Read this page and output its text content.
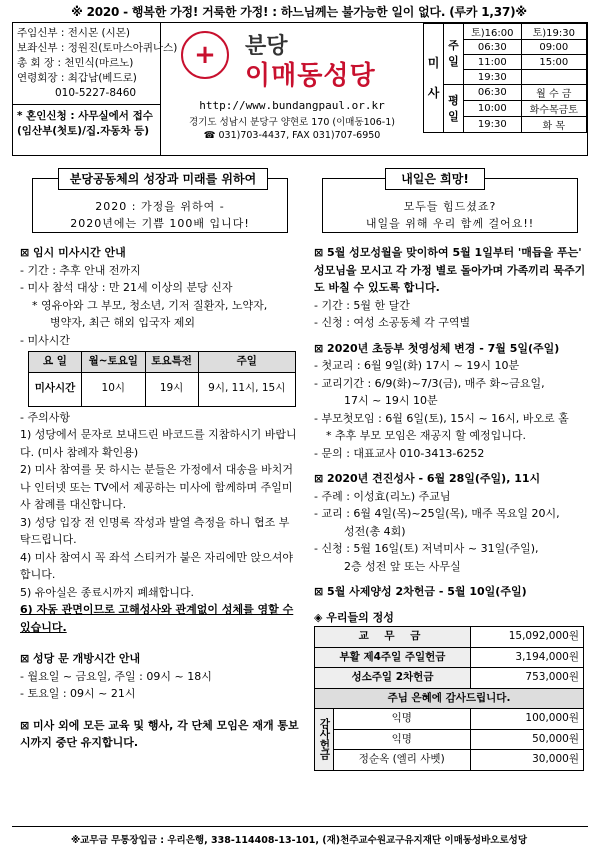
※ 2020 - 행복한 가정! 거룩한 가정! : 하느님께는 불가능한 일이 없다. (루카 1,37)※
주임신부 : 전시몬 (시몬)
보좌신부 : 정원진(토마스아퀴나스)
총 회 장 : 천민식(마르노)
연령회장 : 최갑남(베드로)
010-5227-8460
* 혼인신청 : 사무실에서 접수 (임산부(첫토)/집.자동차 등)
+	분당
이매동성당
http://www.bundangpaul.or.kr
경기도 성남시 분당구 양현로 170 (이매동106-1)
☎ 031)703-4437, FAX 031)707-6950
미
사	주
일	토)16:00	토)19:30
		06:30	09:00
		11:00	15:00
		19:30	
	평
일	06:30	월 수 금
		10:00	화수목금토
		19:30	화 목
2020 : 가정을 위하여 -
2020년에는 기쁨 100배 입니다!
분당공동체의 성장과 미래를 위하여
모두들 힘드셨죠?
내일을 위해 우리 함께 걸어요!!
내일은 희망!
⊠ 임시 미사시간 안내
- 기간 : 추후 안내 전까지
- 미사 참석 대상 : 만 21세 이상의 분당 신자
* 영유아와 그 부모, 청소년, 기저 질환자, 노약자,
병약자, 최근 해외 입국자 제외
- 미사시간
요 일	월~토요일	토요특전	주일
미사시간	10시	19시	9시, 11시, 15시
- 주의사항
1) 성당에서 문자로 보내드린 바코드를 지참하시기 바랍니다. (미사 참례자 확인용)
2) 미사 참여를 못 하시는 분들은 가정에서 대송을 바치거나 인터넷 또는 TV에서 제공하는 미사에 함께하며 주일미사 참례를 대신합니다.
3) 성당 입장 전 인명록 작성과 발열 측정을 하니 협조 부탁드립니다.
4) 미사 참여시 꼭 좌석 스티커가 붙은 자리에만 앉으셔야 합니다.
5) 유아실은 종료시까지 폐쇄합니다.
6) 자동 관면이므로 고해성사와 관계없이 성체를 영할 수 있습니다.
⊠ 성당 문 개방시간 안내
- 월요일 ~ 금요일, 주일 : 09시 ~ 18시
- 토요일 : 09시 ~ 21시
⊠ 미사 외에 모든 교육 및 행사, 각 단체 모임은 재개 통보시까지 중단 유지합니다.
⊠ 5월 성모성월을 맞이하여 5월 1일부터 '매듭을 푸는' 성모님을 모시고 각 가정 별로 돌아가며 가족끼리 묵주기도 바칠 수 있도록 합니다.
- 기간 : 5월 한 달간
- 신청 : 여성 소공동체 각 구역별
⊠ 2020년 초등부 첫영성체 변경 - 7월 5일(주일)
- 첫교리 : 6월 9일(화) 17시 ~ 19시 10분
- 교리기간 : 6/9(화)~7/3(금), 매주 화~금요일,
17시 ~ 19시 10분
- 부모첫모임 : 6월 6일(토), 15시 ~ 16시, 바오로 홀
* 추후 부모 모임은 재공지 할 예정입니다.
- 문의 : 대표교사 010-3413-6252
⊠ 2020년 견진성사 - 6월 28일(주일), 11시
- 주례 : 이성효(리노) 주교님
- 교리 : 6월 4일(목)~25일(목), 매주 목요일 20시,
성전(총 4회)
- 신청 : 5월 16일(토) 저녁미사 ~ 31일(주일),
2층 성전 앞 또는 사무실
⊠ 5월 사제양성 2차헌금 - 5월 10일(주일)
◈ 우리들의 정성
교 무 금		15,092,000원
부활 제4주일 주일헌금		3,194,000원
성소주일 2차헌금		753,000원
주님 은혜에 감사드립니다.		
감사헌금	익명	100,000원
	익명	50,000원
	정순옥 (엘리 사벳)	30,000원
※교무금 무통장입금 : 우리은행, 338-114408-13-101, (재)천주교수원교구유지재단 이매동성바오로성당
